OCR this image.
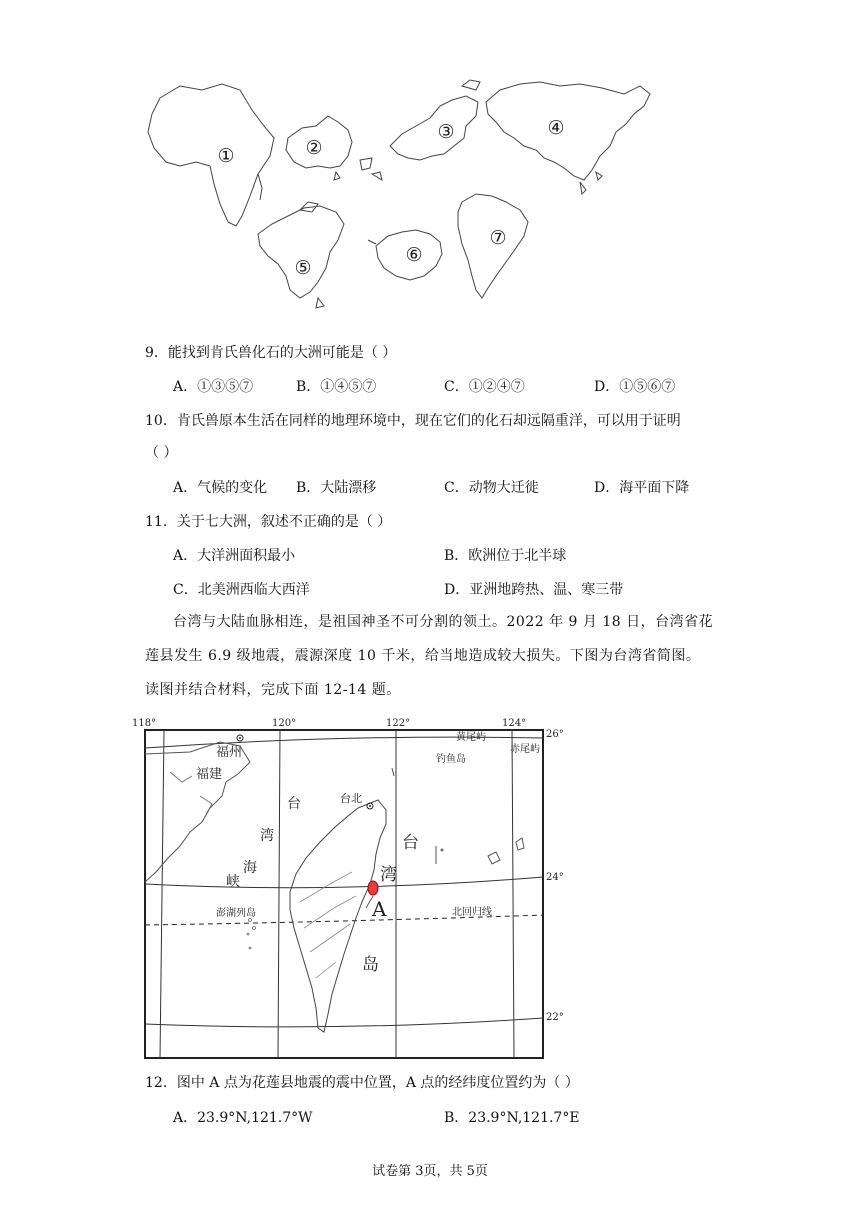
①	②
③	④
⑤
⑥
⑦
9．能找到肯氏兽化石的大洲可能是（ ）
A．①③⑤⑦	B．①④⑤⑦	C．①②④⑦	D．①⑤⑥⑦
10．肯氏兽原本生活在同样的地理环境中，现在它们的化石却远隔重洋，可以用于证明
（ ）
A．气候的变化 B．大陆漂移	C．动物大迁徙	D．海平面下降
11．关于七大洲，叙述不正确的是（ ）
A．大洋洲面积最小	B．欧洲位于北半球
C．北美洲西临大西洋	D．亚洲地跨热、温、寒三带
台湾与大陆血脉相连，是祖国神圣不可分割的领土。2022 年 9 月 18 日，台湾省花
莲县发生 6.9 级地震，震源深度 10 千米，给当地造成较大损失。下图为台湾省简图。
读图并结合材料，完成下面 12-14 题。
118°	120°	122°	124°
26°
24°
22°
福州
福建
台北
黄尾屿
赤尾屿
钓鱼岛
澎湖列岛	北回归线
A
台
湾
海
峡
台
湾
岛
12．图中 A 点为花莲县地震的震中位置，A 点的经纬度位置约为（ ）
A．23.9°N,121.7°W	B．23.9°N,121.7°E
试卷第 3页，共 5页
